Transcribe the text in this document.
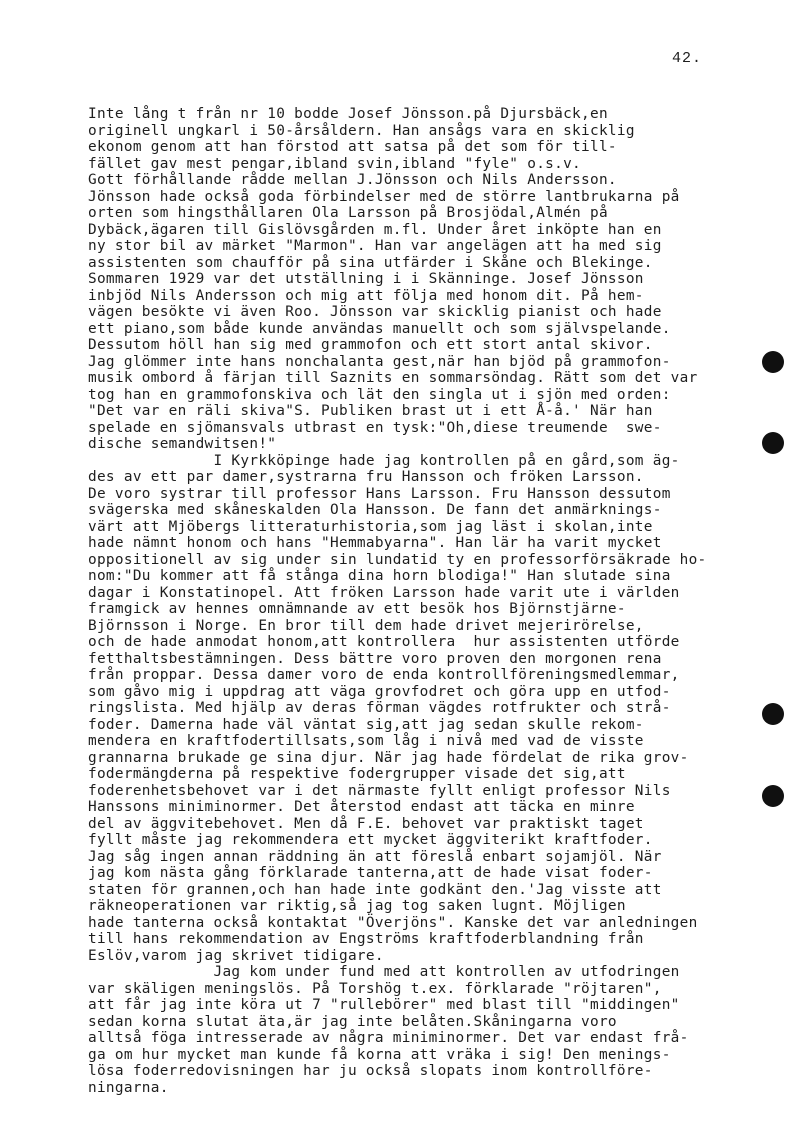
42.
Inte lång t från nr 10 bodde Josef Jönsson.på Djursbäck,en
originell ungkarl i 50-årsåldern. Han ansågs vara en skicklig
ekonom genom att han förstod att satsa på det som för till-
fället gav mest pengar,ibland svin,ibland "fyle" o.s.v.
Gott förhållande rådde mellan J.Jönsson och Nils Andersson.
Jönsson hade också goda förbindelser med de större lantbrukarna på
orten som hingsthållaren Ola Larsson på Brosjödal,Almén på
Dybäck,ägaren till Gislövsgården m.fl. Under året inköpte han en
ny stor bil av märket "Marmon". Han var angelägen att ha med sig
assistenten som chaufför på sina utfärder i Skåne och Blekinge.
Sommaren 1929 var det utställning i i Skänninge. Josef Jönsson
inbjöd Nils Andersson och mig att följa med honom dit. På hem-
vägen besökte vi även Roo. Jönsson var skicklig pianist och hade
ett piano,som både kunde användas manuellt och som självspelande.
Dessutom höll han sig med grammofon och ett stort antal skivor.
Jag glömmer inte hans nonchalanta gest,när han bjöd på grammofon-
musik ombord å färjan till Saznits en sommarsöndag. Rätt som det var
tog han en grammofonskiva och lät den singla ut i sjön med orden:
"Det var en räli skiva"S. Publiken brast ut i ett Å-å.' När han
spelade en sjömansvals utbrast en tysk:"Oh,diese treumende  swe-
dische semandwitsen!"
I Kyrkköpinge hade jag kontrollen på en gård,som äg-
des av ett par damer,systrarna fru Hansson och fröken Larsson.
De voro systrar till professor Hans Larsson. Fru Hansson dessutom
svägerska med skåneskalden Ola Hansson. De fann det anmärknings-
värt att Mjöbergs litteraturhistoria,som jag läst i skolan,inte
hade nämnt honom och hans "Hemmabyarna". Han lär ha varit mycket
oppositionell av sig under sin lundatid ty en professorförsäkrade ho-
nom:"Du kommer att få stånga dina horn blodiga!" Han slutade sina
dagar i Konstatinopel. Att fröken Larsson hade varit ute i världen
framgick av hennes omnämnande av ett besök hos Björnstjärne-
Björnsson i Norge. En bror till dem hade drivet mejerirörelse,
och de hade anmodat honom,att kontrollera  hur assistenten utförde
fetthaltsbestämningen. Dess bättre voro proven den morgonen rena
från proppar. Dessa damer voro de enda kontrollföreningsmedlemmar,
som gåvo mig i uppdrag att väga grovfodret och göra upp en utfod-
ringslista. Med hjälp av deras förman vägdes rotfrukter och strå-
foder. Damerna hade väl väntat sig,att jag sedan skulle rekom-
mendera en kraftfodertillsats,som låg i nivå med vad de visste
grannarna brukade ge sina djur. När jag hade fördelat de rika grov-
fodermängderna på respektive fodergrupper visade det sig,att
foderenhetsbehovet var i det närmaste fyllt enligt professor Nils
Hanssons miniminormer. Det återstod endast att täcka en minre
del av äggvitebehovet. Men då F.E. behovet var praktiskt taget
fyllt måste jag rekommendera ett mycket äggviterikt kraftfoder.
Jag såg ingen annan räddning än att föreslå enbart sojamjöl. När
jag kom nästa gång förklarade tanterna,att de hade visat foder-
staten för grannen,och han hade inte godkänt den.'Jag visste att
räkneoperationen var riktig,så jag tog saken lugnt. Möjligen
hade tanterna också kontaktat "Överjöns". Kanske det var anledningen
till hans rekommendation av Engströms kraftfoderblandning från
Eslöv,varom jag skrivet tidigare.
Jag kom under fund med att kontrollen av utfodringen
var skäligen meningslös. På Torshög t.ex. förklarade "röjtaren",
att får jag inte köra ut 7 "rullebörer" med blast till "middingen"
sedan korna slutat äta,är jag inte belåten.Skåningarna voro
alltså föga intresserade av några miniminormer. Det var endast frå-
ga om hur mycket man kunde få korna att vräka i sig! Den menings-
lösa foderredovisningen har ju också slopats inom kontrollföre-
ningarna.
